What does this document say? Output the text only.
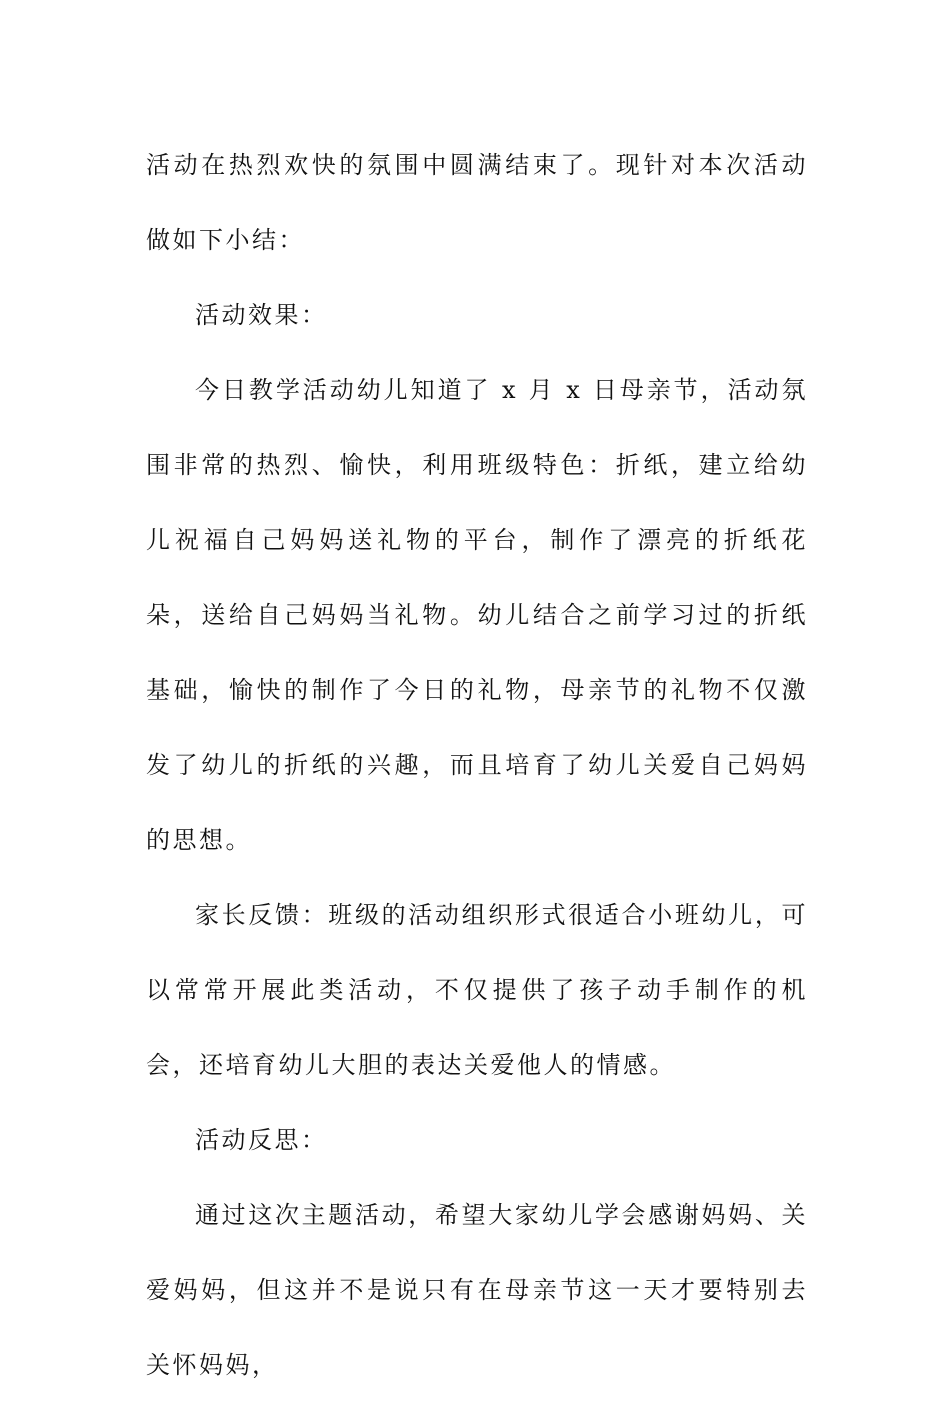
活动在热烈欢快的氛围中圆满结束了。现针对本次活动做如下小结：

活动效果：

今日教学活动幼儿知道了 x 月 x 日母亲节，活动氛围非常的热烈、愉快，利用班级特色：折纸，建立给幼儿祝福自己妈妈送礼物的平台，制作了漂亮的折纸花朵，送给自己妈妈当礼物。幼儿结合之前学习过的折纸基础，愉快的制作了今日的礼物，母亲节的礼物不仅激发了幼儿的折纸的兴趣，而且培育了幼儿关爱自己妈妈的思想。

家长反馈：班级的活动组织形式很适合小班幼儿，可以常常开展此类活动，不仅提供了孩子动手制作的机会，还培育幼儿大胆的表达关爱他人的情感。

活动反思：

通过这次主题活动，希望大家幼儿学会感谢妈妈、关爱妈妈，但这并不是说只有在母亲节这一天才要特别去关怀妈妈，
